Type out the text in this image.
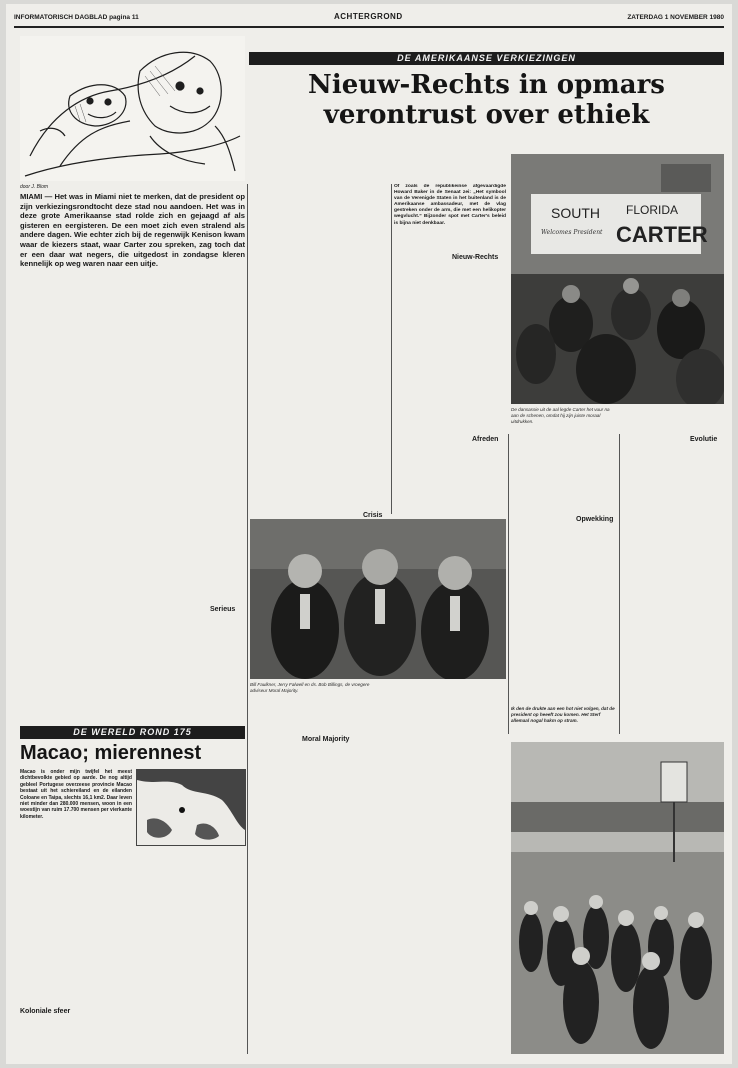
INFORMATORISCH DAGBLAD pagina 11	ACHTERGROND	ZATERDAG 1 NOVEMBER 1980
door J. Blom
DE AMERIKAANSE VERKIEZINGEN
Nieuw-Rechts in opmars
verontrust over ethiek
MIAMI — Het was in Miami niet te merken, dat de president op zijn verkiezingsrondtocht deze stad nou aandoen. Het was in deze grote Amerikaanse stad rolde zich en gejaagd af als gisteren en eergisteren. De een moet zich even stralend als andere dagen. Wie echter zich bij de regenwijk Kenison kwam waar de kiezers staat, waar Carter zou spreken, zag toch dat er een daar wat negers, die uitgedost in zondagse kleren kennelijk op weg waren naar een uitje.
Serieus
Crisis
Of zoals de republikeinse afgevaardigde Howard Baker in de Senaat zei: „Het symbool van de Verenigde Staten in het buitenland is de Amerikaanse ambassadeur, met de vlag gestreken onder de arm, die met een helikopter wegvlucht.” Bijzonder spot met Carter's beleid is bijna niet denkbaar.
Nieuw-Rechts
SOUTH FLORIDA
CARTER
Welcomes President
De dansassie uit de aal legde Carter het vuur na aan de schenen, omdat hij zijn juiste moraal uitdrukken.
Afreden
Opwekking
Ik den de drukte aan een hot niet volgen, dat de president op heeeft zou komen. Het Sterf allemaal nogal hakm op stram.
Evolutie
Bill Faulkner, Jerry Falwell en ds. Bob Billings, de vroegere adviseur Moral Majority.
Moral Majority
DE WERELD ROND 175
Macao; mierennest
Macao is onder mijn twijfel het meest dichtbevolkte gebied op aarde. De nog altijd gebleel Portugese overzeese provincie Macao bestaat uit het schiereiland en de eilanden Coloane en Taipa, slechts 16,1 km2. Daar leven niet minder dan 280.000 mensen, woon in een woestijn van ruim 17.700 mensen per vierkante kilometer.
Koloniale sfeer
